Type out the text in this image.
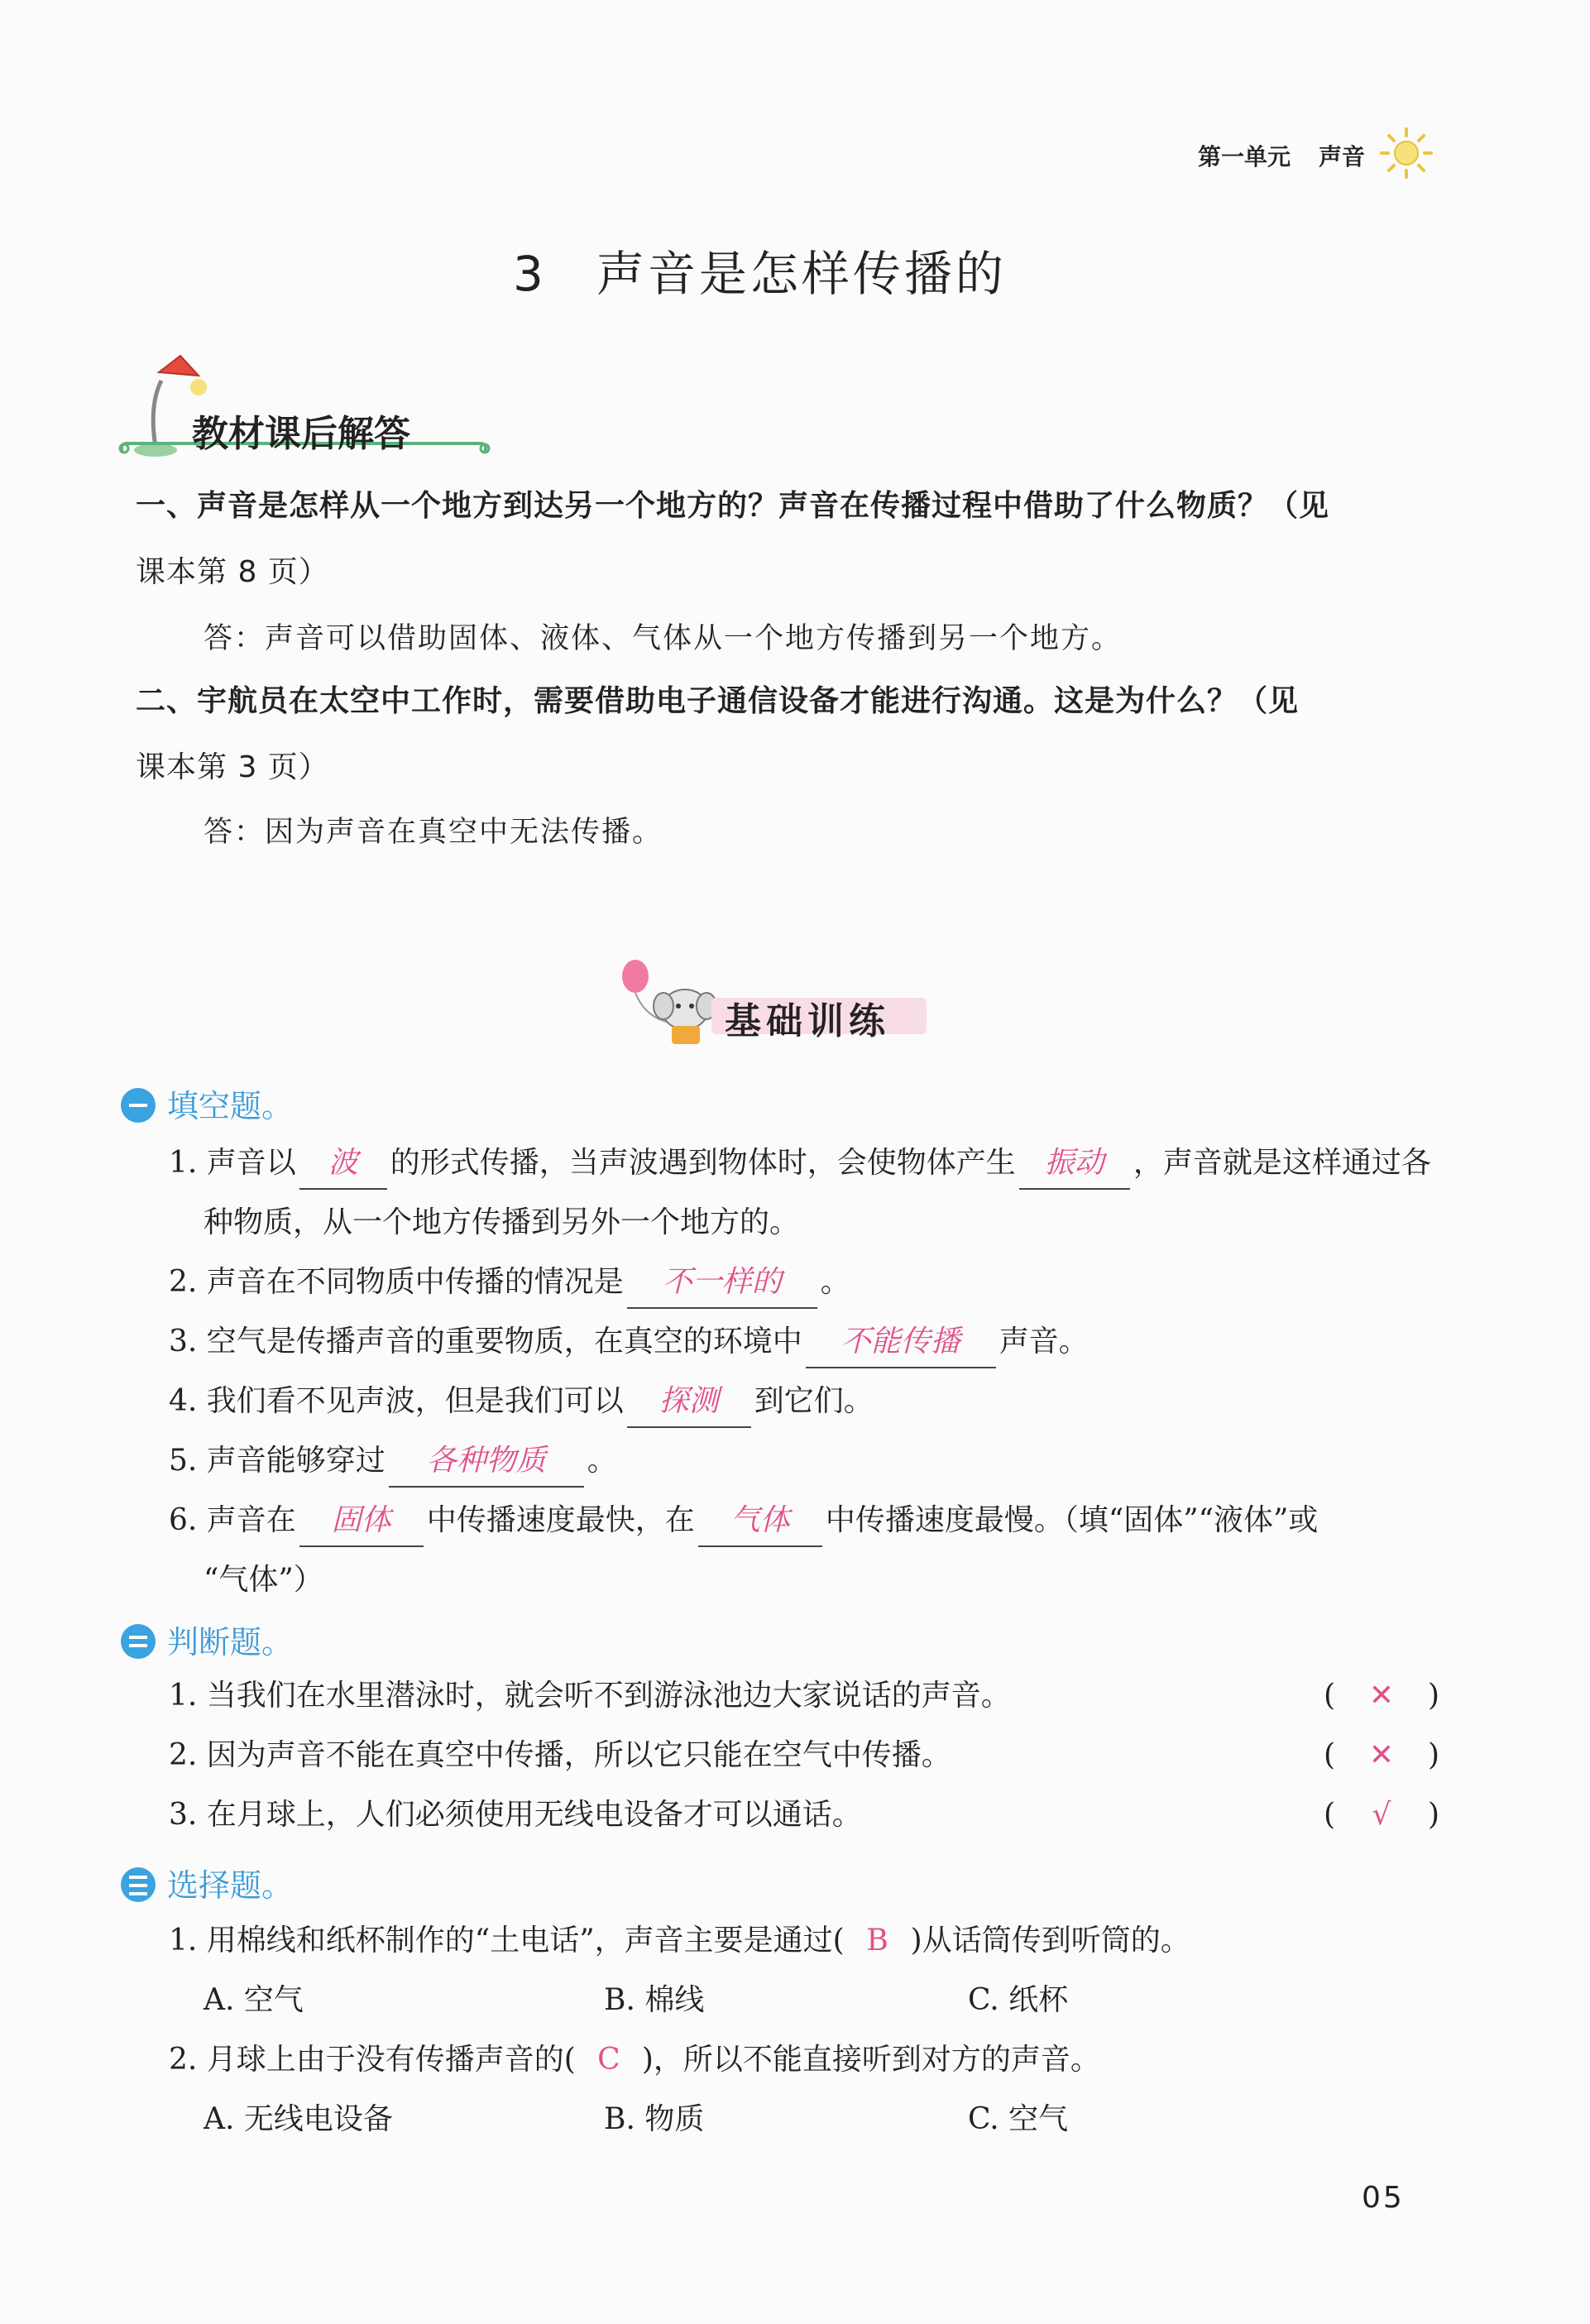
第一单元 声音
3 声音是怎样传播的
教材课后解答
一、声音是怎样从一个地方到达另一个地方的？声音在传播过程中借助了什么物质？（见
课本第 8 页）
答：声音可以借助固体、液体、气体从一个地方传播到另一个地方。
二、宇航员在太空中工作时，需要借助电子通信设备才能进行沟通。这是为什么？（见
课本第 3 页）
答：因为声音在真空中无法传播。
基础训练
填空题。
1. 声音以 波 的形式传播，当声波遇到物体时，会使物体产生 振动 ，声音就是这样通过各
种物质，从一个地方传播到另外一个地方的。
2. 声音在不同物质中传播的情况是 不一样的 。
3. 空气是传播声音的重要物质，在真空的环境中 不能传播 声音。
4. 我们看不见声波，但是我们可以 探测 到它们。
5. 声音能够穿过 各种物质 。
6. 声音在 固体 中传播速度最快，在 气体 中传播速度最慢。（填“固体”“液体”或
“气体”）
判断题。
1. 当我们在水里潜泳时，就会听不到游泳池边大家说话的声音。	( ✕ )
2. 因为声音不能在真空中传播，所以它只能在空气中传播。	( ✕ )
3. 在月球上，人们必须使用无线电设备才可以通话。	( √ )
选择题。
1. 用棉线和纸杯制作的“土电话”，声音主要是通过( B )从话筒传到听筒的。
A. 空气	B. 棉线	C. 纸杯
2. 月球上由于没有传播声音的( C )，所以不能直接听到对方的声音。
A. 无线电设备	B. 物质	C. 空气
05
